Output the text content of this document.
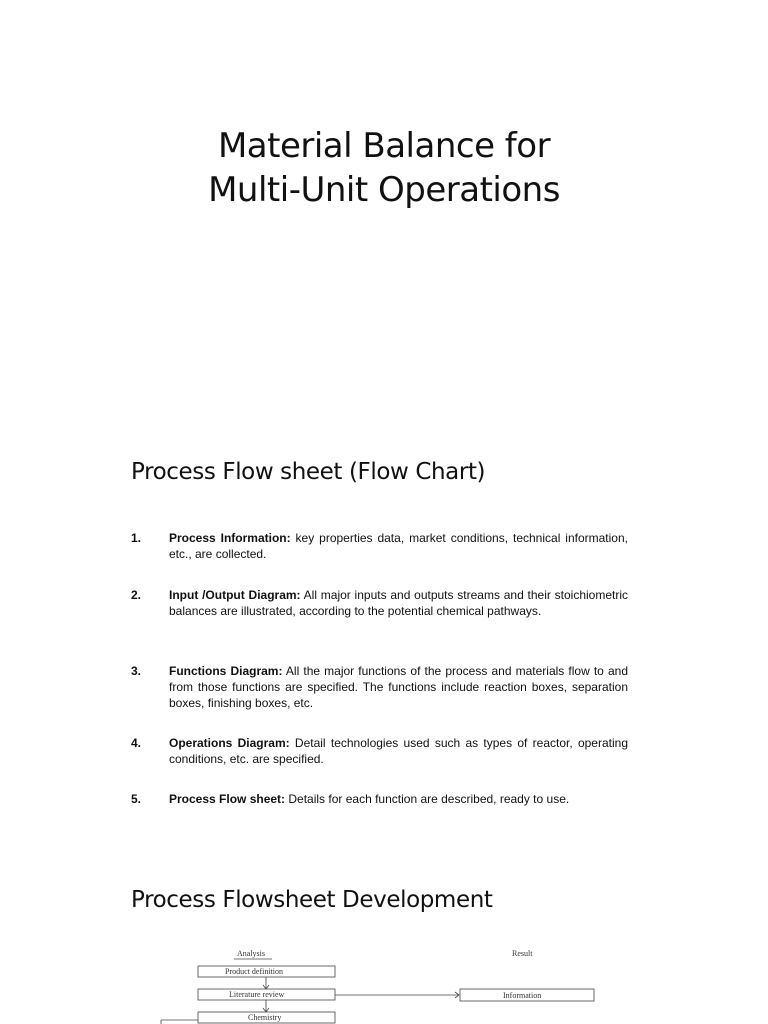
Material Balance for
Multi-Unit Operations
Process Flow sheet (Flow Chart)
1.	Process Information: key properties data, market conditions, technical information, etc., are collected.
2.	Input /Output Diagram: All major inputs and outputs streams and their stoichiometric balances are illustrated, according to the potential chemical pathways.
3.	Functions Diagram: All the major functions of the process and materials flow to and from those functions are specified. The functions include reaction boxes, separation boxes, finishing boxes, etc.
4.	Operations Diagram: Detail technologies used such as types of reactor, operating conditions, etc. are specified.
5.	Process Flow sheet: Details for each function are described, ready to use.
Process Flowsheet Development
Analysis	Result
Product definition
Literature review
Chemistry
Information
